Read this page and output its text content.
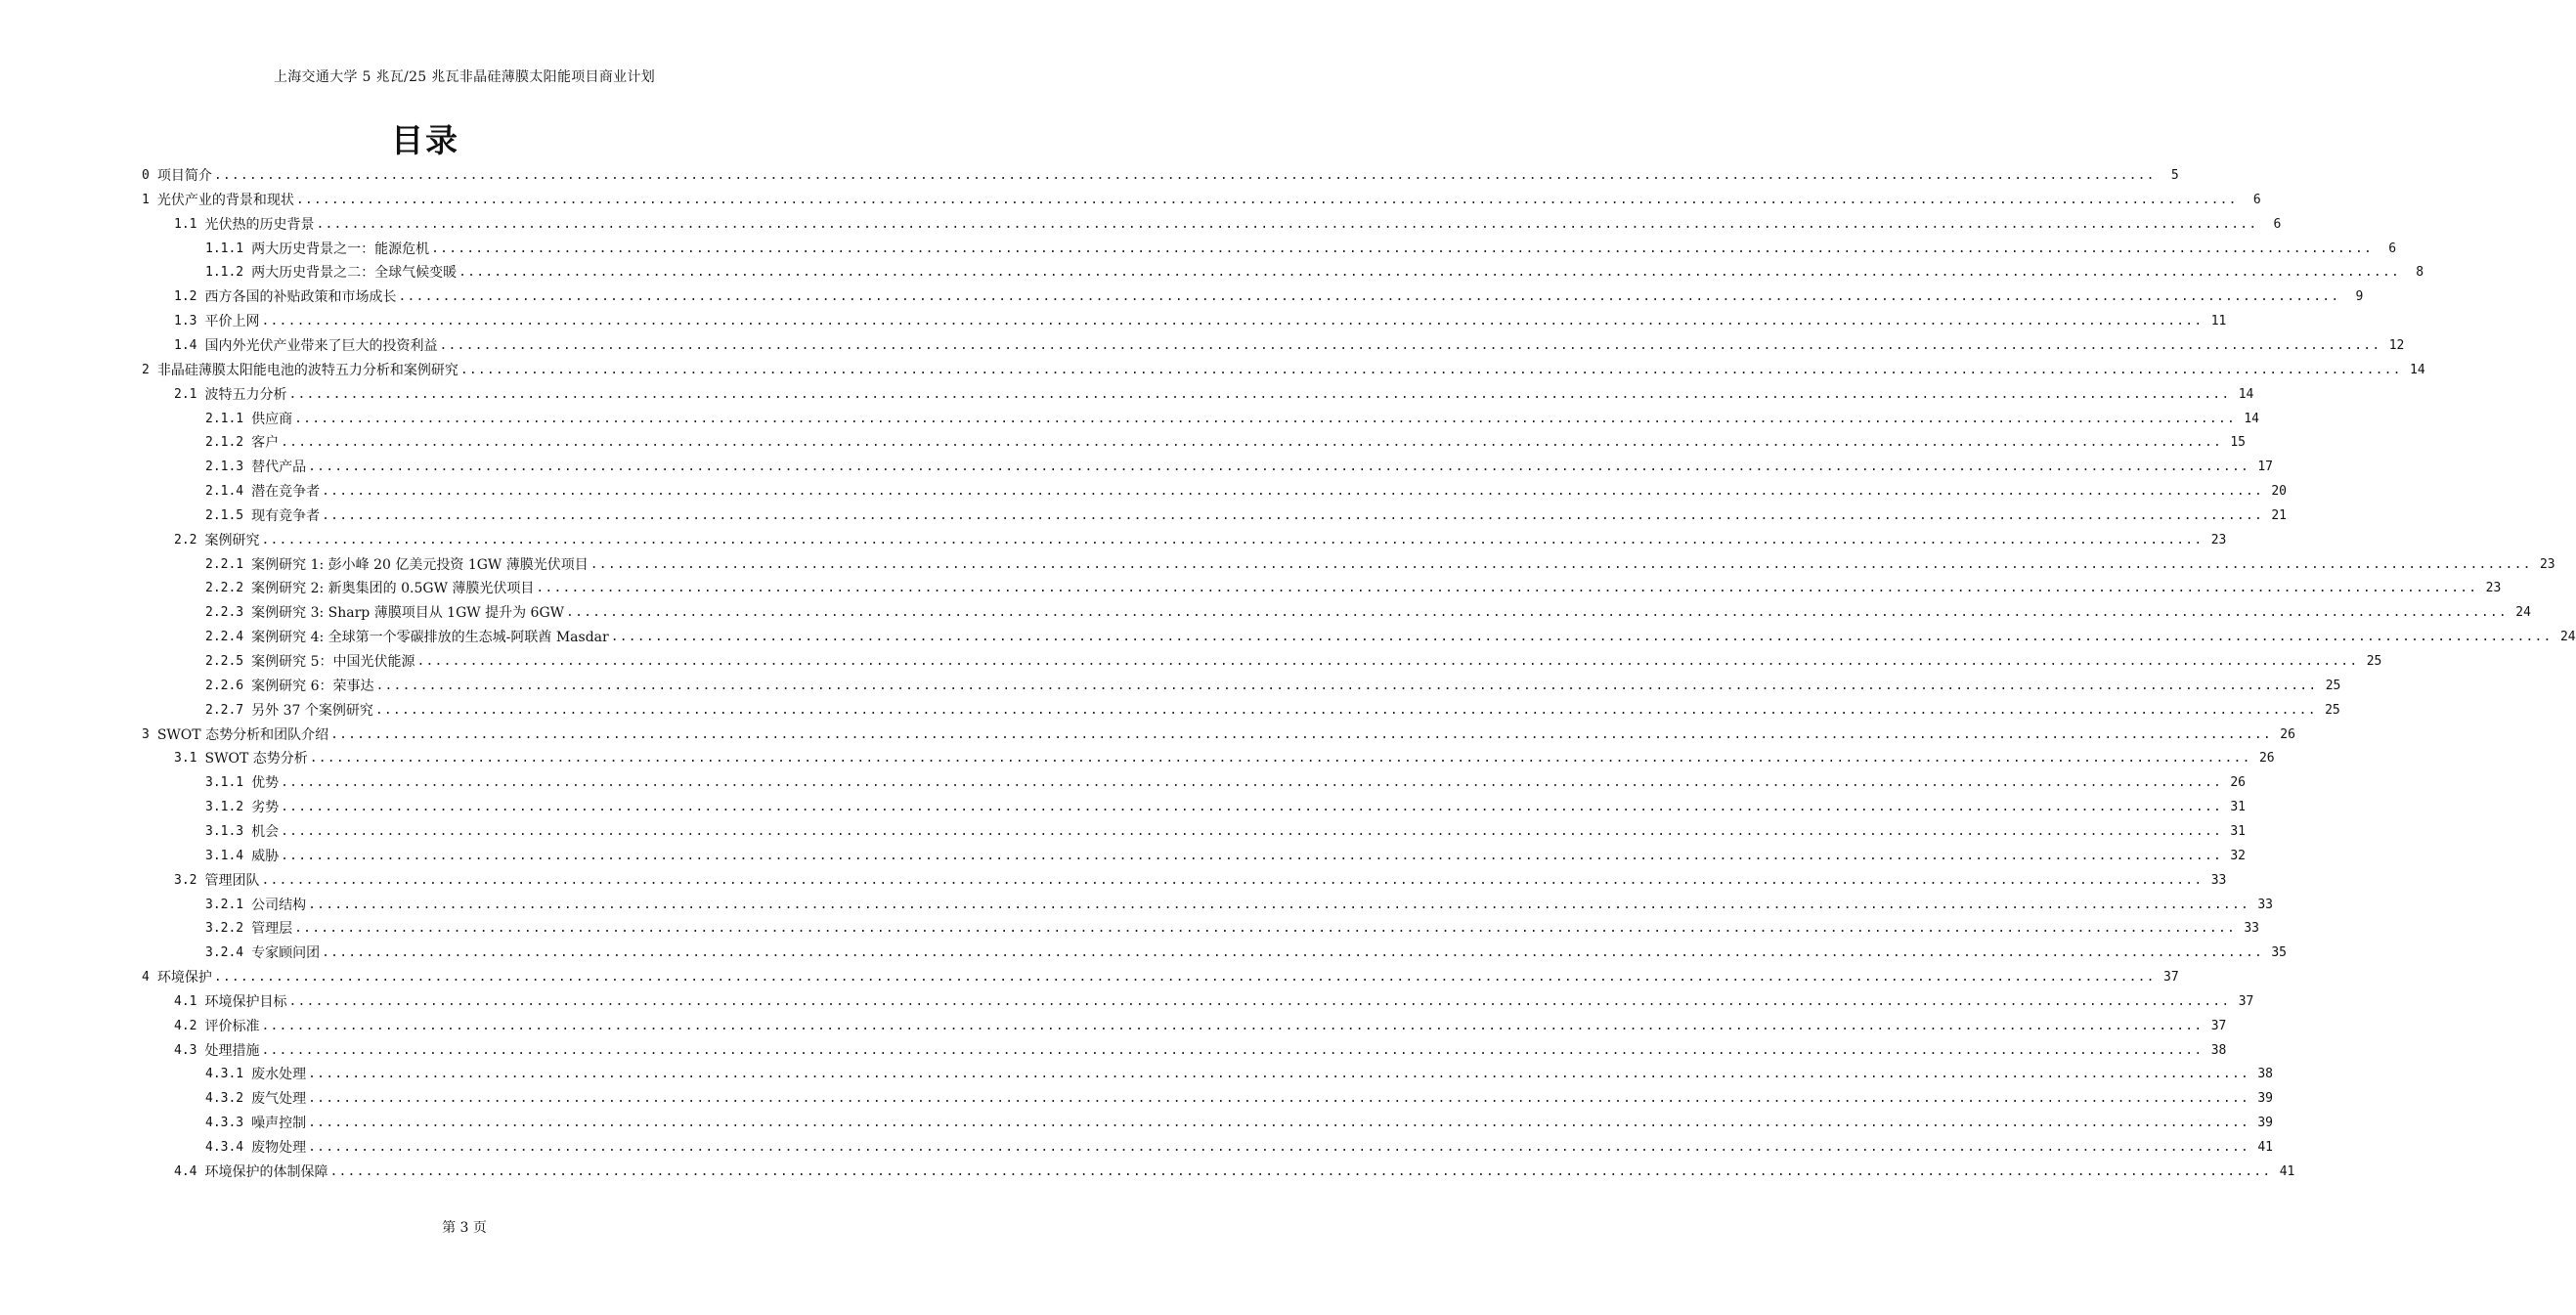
上海交通大学 5 兆瓦/25 兆瓦非晶硅薄膜太阳能项目商业计划
目录
0 项目简介 ............................................................................................................................................................................................................................	5
1 光伏产业的背景和现状 ............................................................................................................................................................................................................................	6
1.1 光伏热的历史背景 ............................................................................................................................................................................................................................	6
1.1.1 两大历史背景之一：能源危机 ............................................................................................................................................................................................................................	6
1.1.2 两大历史背景之二：全球气候变暖 ............................................................................................................................................................................................................................	8
1.2 西方各国的补贴政策和市场成长 ............................................................................................................................................................................................................................	9
1.3 平价上网 ............................................................................................................................................................................................................................ 11
1.4 国内外光伏产业带来了巨大的投资利益 ............................................................................................................................................................................................................................ 12
2 非晶硅薄膜太阳能电池的波特五力分析和案例研究 ............................................................................................................................................................................................................................ 14
2.1 波特五力分析 ............................................................................................................................................................................................................................ 14
2.1.1 供应商 ............................................................................................................................................................................................................................ 14
2.1.2 客户 ............................................................................................................................................................................................................................ 15
2.1.3 替代产品 ............................................................................................................................................................................................................................ 17
2.1.4 潜在竞争者 ............................................................................................................................................................................................................................ 20
2.1.5 现有竞争者 ............................................................................................................................................................................................................................ 21
2.2 案例研究 ............................................................................................................................................................................................................................ 23
2.2.1 案例研究 1: 彭小峰 20 亿美元投资 1GW 薄膜光伏项目 ............................................................................................................................................................................................................................ 23
2.2.2 案例研究 2: 新奥集团的 0.5GW 薄膜光伏项目 ............................................................................................................................................................................................................................ 23
2.2.3 案例研究 3: Sharp 薄膜项目从 1GW 提升为 6GW ............................................................................................................................................................................................................................ 24
2.2.4 案例研究 4: 全球第一个零碳排放的生态城-阿联酋 Masdar ............................................................................................................................................................................................................................ 24
2.2.5 案例研究 5：中国光伏能源 ............................................................................................................................................................................................................................ 25
2.2.6 案例研究 6：荣事达 ............................................................................................................................................................................................................................ 25
2.2.7 另外 37 个案例研究 ............................................................................................................................................................................................................................ 25
3 SWOT 态势分析和团队介绍 ............................................................................................................................................................................................................................ 26
3.1 SWOT 态势分析 ............................................................................................................................................................................................................................ 26
3.1.1 优势 ............................................................................................................................................................................................................................ 26
3.1.2 劣势 ............................................................................................................................................................................................................................ 31
3.1.3 机会 ............................................................................................................................................................................................................................ 31
3.1.4 威胁 ............................................................................................................................................................................................................................ 32
3.2 管理团队 ............................................................................................................................................................................................................................ 33
3.2.1 公司结构 ............................................................................................................................................................................................................................ 33
3.2.2 管理层 ............................................................................................................................................................................................................................ 33
3.2.4 专家顾问团 ............................................................................................................................................................................................................................ 35
4 环境保护 ............................................................................................................................................................................................................................ 37
4.1 环境保护目标 ............................................................................................................................................................................................................................ 37
4.2 评价标准 ............................................................................................................................................................................................................................ 37
4.3 处理措施 ............................................................................................................................................................................................................................ 38
4.3.1 废水处理 ............................................................................................................................................................................................................................ 38
4.3.2 废气处理 ............................................................................................................................................................................................................................ 39
4.3.3 噪声控制 ............................................................................................................................................................................................................................ 39
4.3.4 废物处理 ............................................................................................................................................................................................................................ 41
4.4 环境保护的体制保障 ............................................................................................................................................................................................................................ 41
第 3 页
